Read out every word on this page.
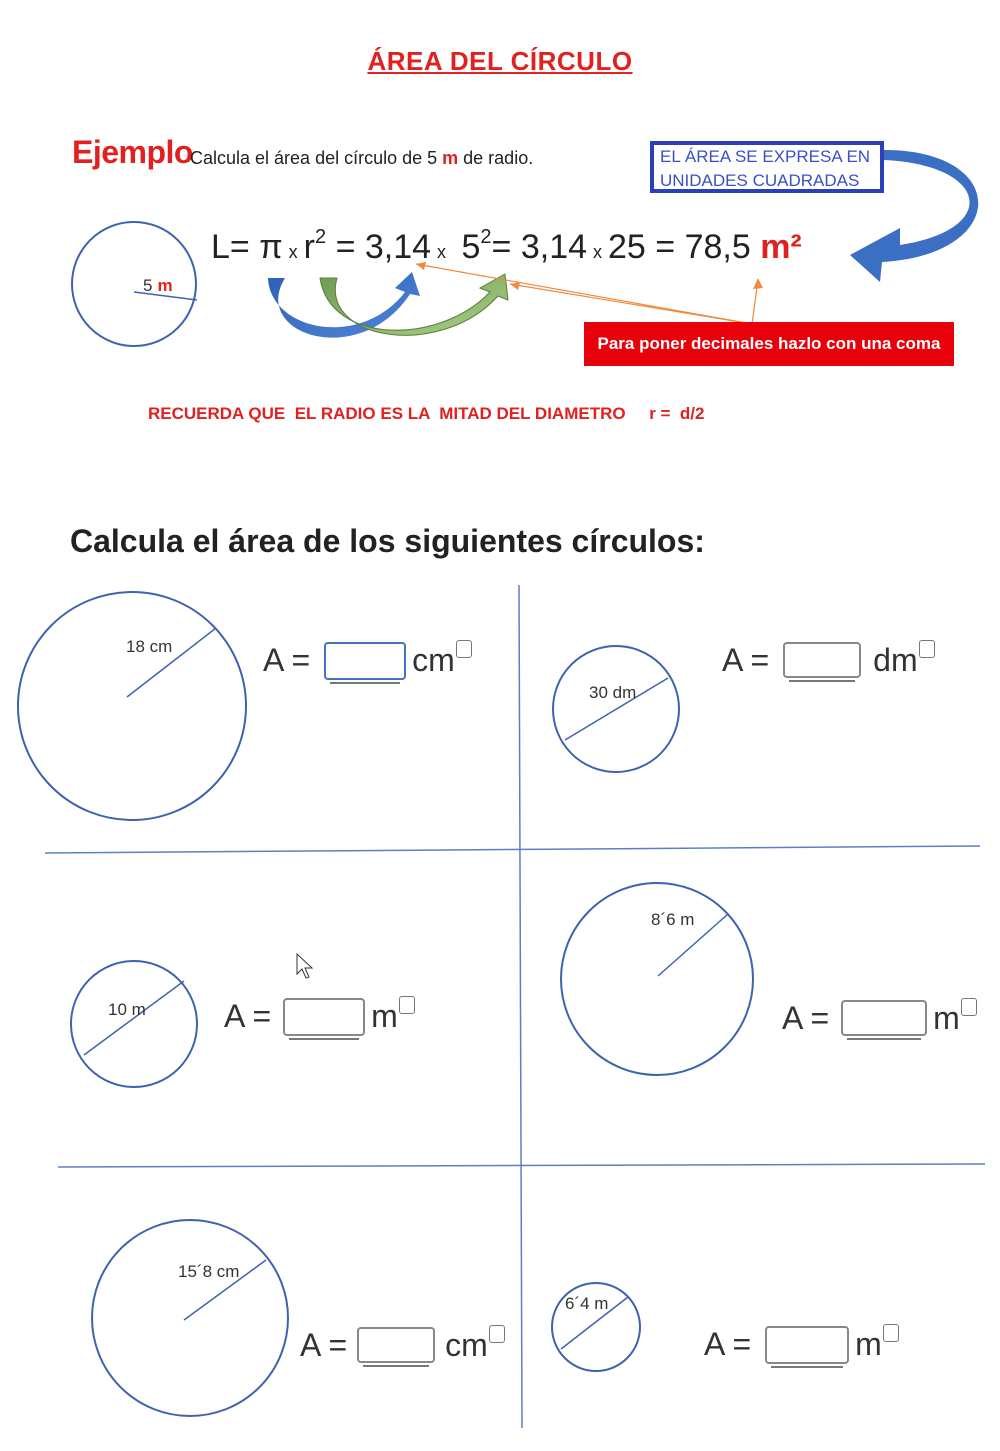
ÁREA DEL CÍRCULO
Ejemplo
Calcula el área del círculo de 5 m de radio.	EL ÁREA SE EXPRESA EN UNIDADES CUADRADAS
5 m
L= π x $r^2 = 3,14$ x $5^2= 3,14$ x 25 = 78,5 m²
Para poner decimales hazlo con una coma
RECUERDA QUE  EL RADIO ES LA  MITAD DEL DIAMETRO     r =  d/2
Calcula el área de los siguientes círculos:
18 cm
30 dm
10 m
8´6 m
15´8 cm
6´4 m
A =	cm	A =	dm
A =	m	A =	m
A =	cm	A =	m
